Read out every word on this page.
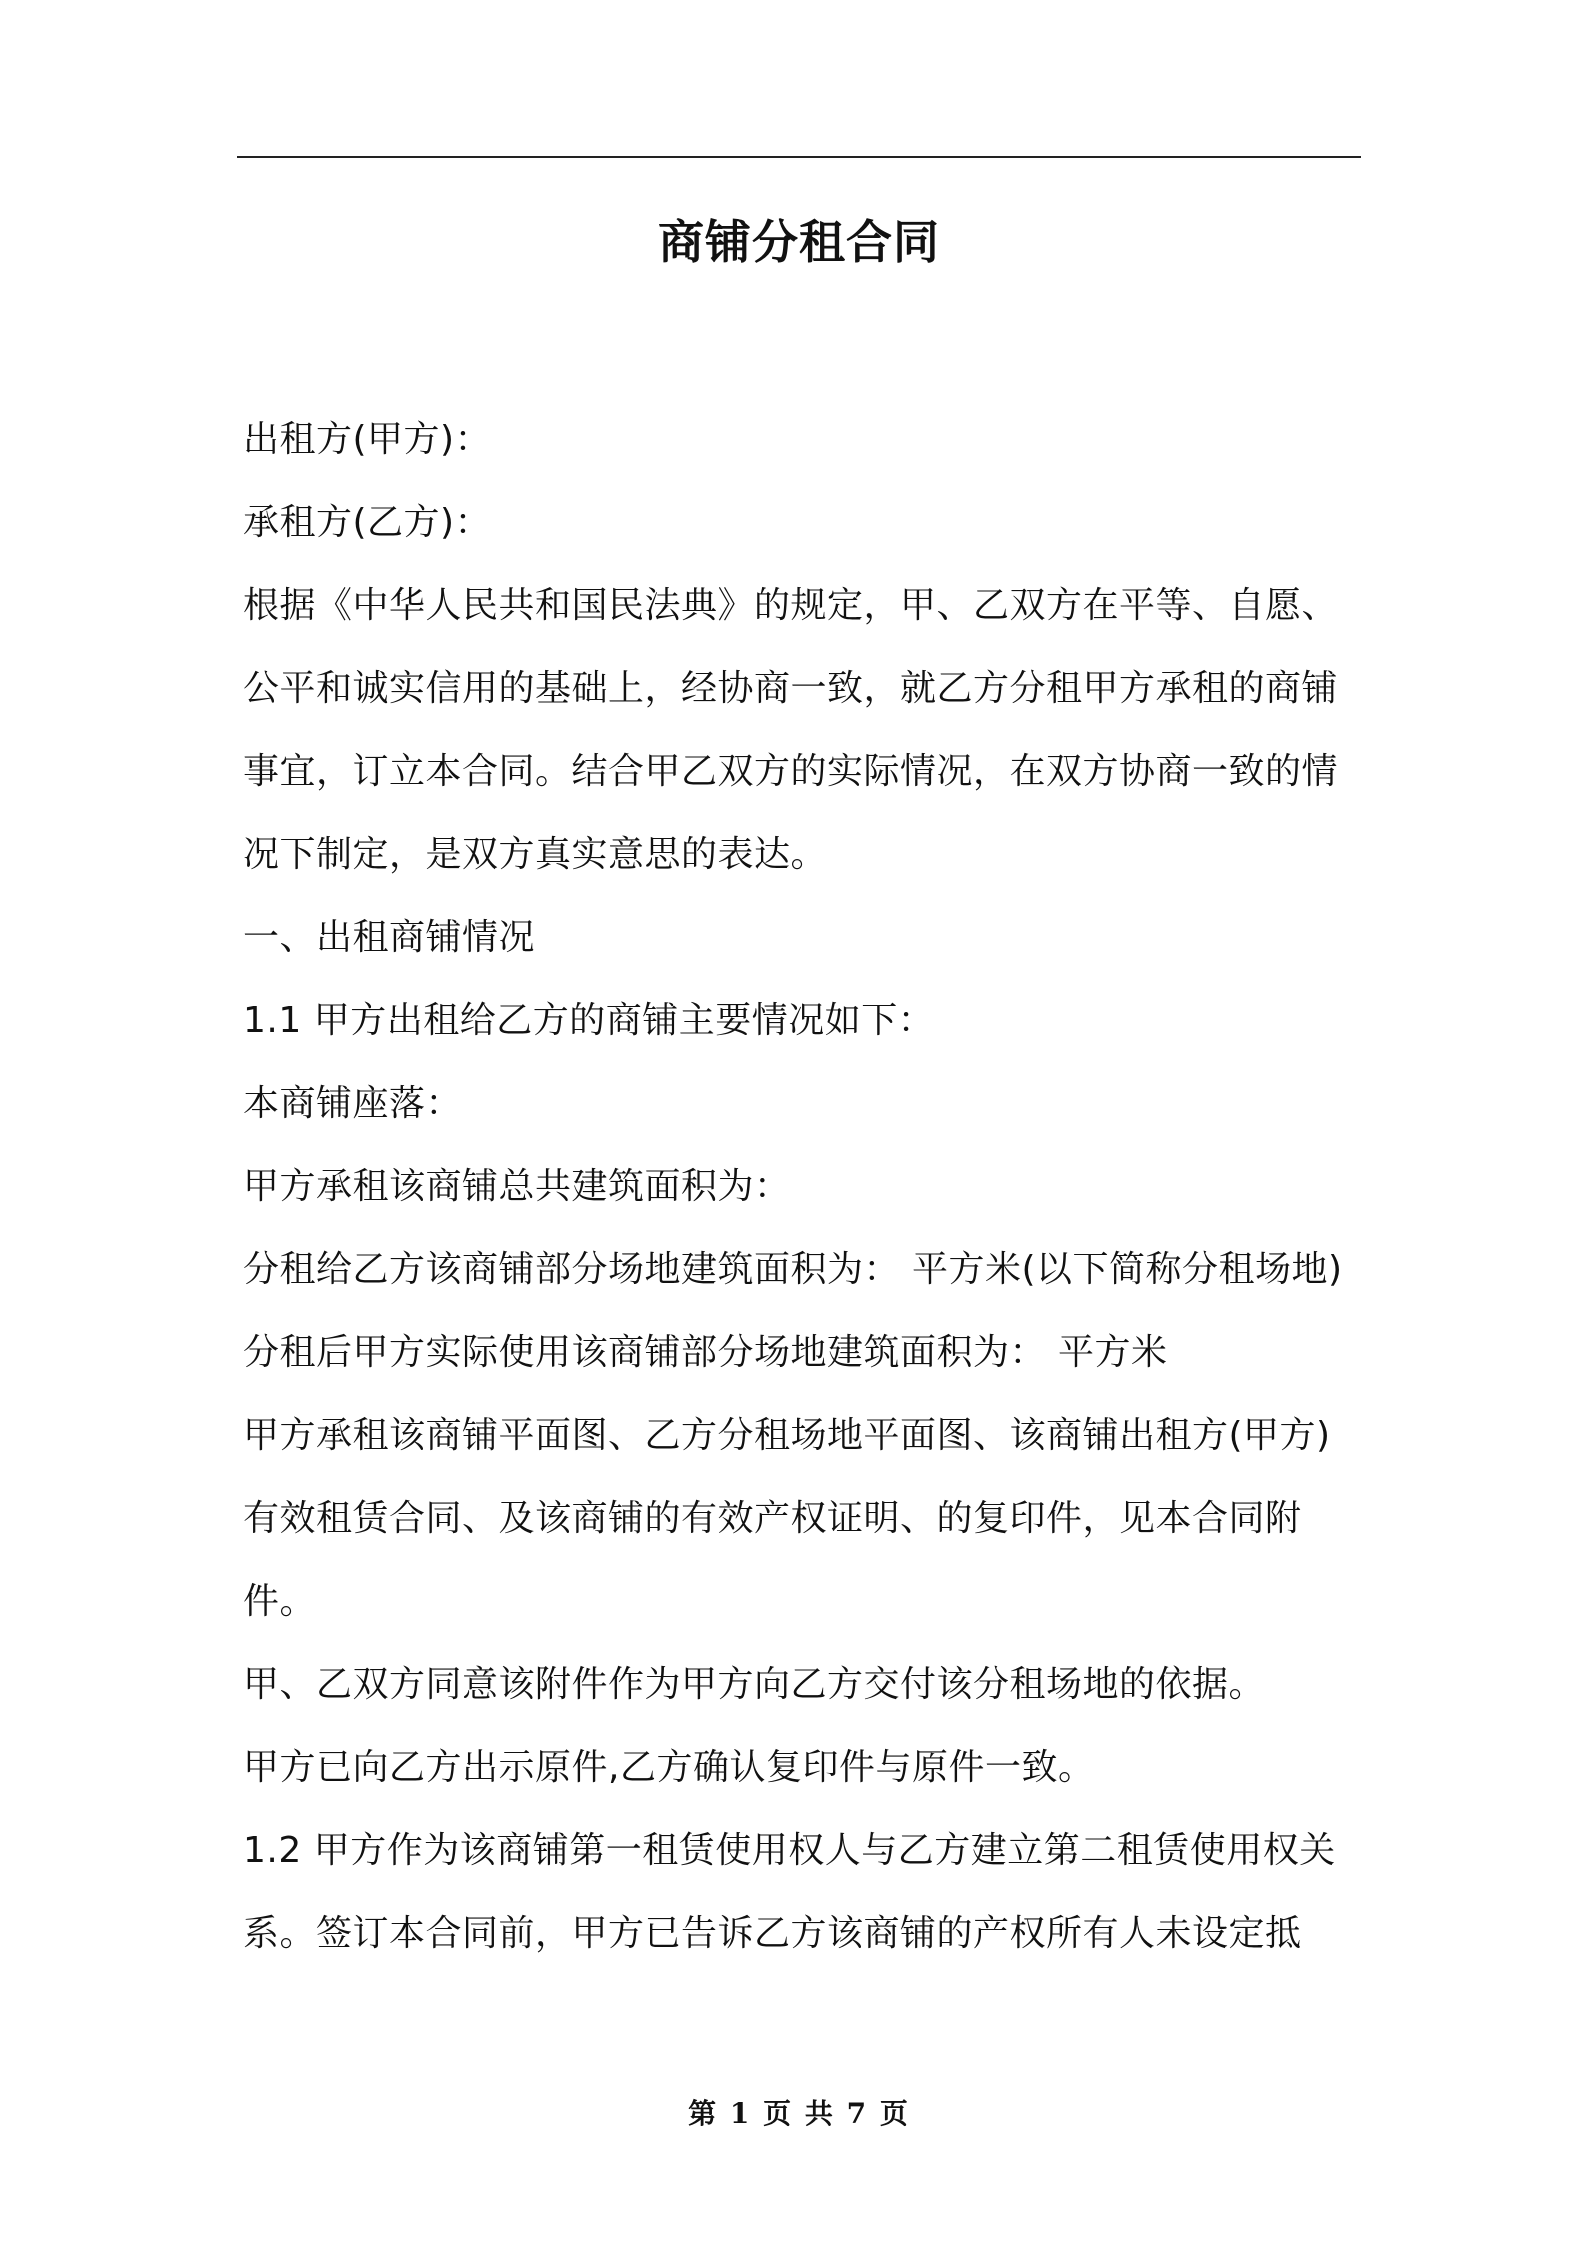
商铺分租合同

出租方(甲方)：

承租方(乙方)：

根据《中华人民共和国民法典》的规定，甲、乙双方在平等、自愿、公平和诚实信用的基础上，经协商一致，就乙方分租甲方承租的商铺事宜，订立本合同。结合甲乙双方的实际情况，在双方协商一致的情况下制定，是双方真实意思的表达。

一、出租商铺情况

1.1 甲方出租给乙方的商铺主要情况如下：

本商铺座落：

甲方承租该商铺总共建筑面积为：

分租给乙方该商铺部分场地建筑面积为： 平方米(以下简称分租场地)

分租后甲方实际使用该商铺部分场地建筑面积为： 平方米

甲方承租该商铺平面图、乙方分租场地平面图、该商铺出租方(甲方)有效租赁合同、及该商铺的有效产权证明、的复印件，见本合同附件。

甲、乙双方同意该附件作为甲方向乙方交付该分租场地的依据。

甲方已向乙方出示原件,乙方确认复印件与原件一致。

1.2 甲方作为该商铺第一租赁使用权人与乙方建立第二租赁使用权关系。签订本合同前，甲方已告诉乙方该商铺的产权所有人未设定抵

第 1 页 共 7 页
